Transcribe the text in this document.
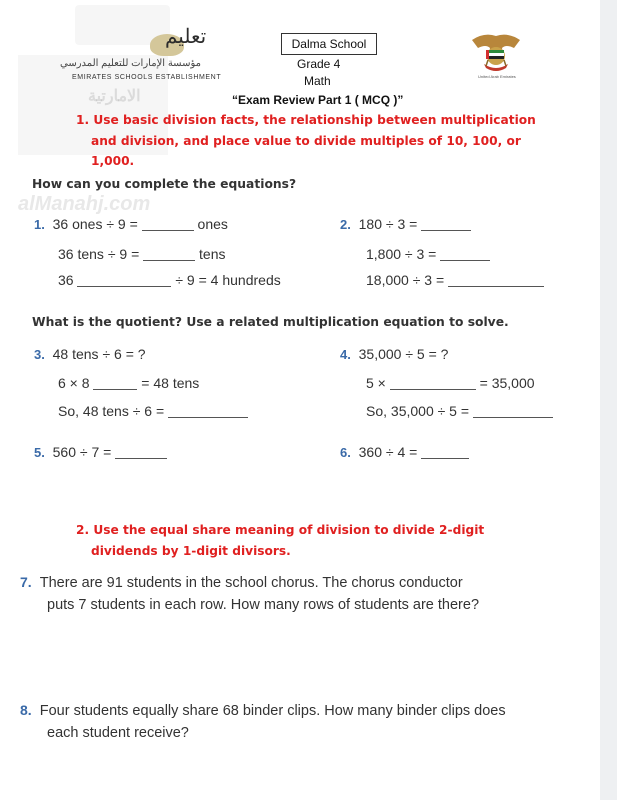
الامارتية
alManahj.com
تعليم
مؤسسة الإمارات للتعليم المدرسي
EMIRATES SCHOOLS ESTABLISHMENT
Dalma School
Grade 4
Math
“Exam Review Part 1 ( MCQ )”
United Arab Emirates
1. Use basic division facts, the relationship between multiplication
and division, and place value to divide multiples of 10, 100, or
1,000.
How can you complete the equations?
1. 36 ones ÷ 9 =	ones
36 tens ÷ 9 =	tens
36	÷ 9 = 4 hundreds
2. 180 ÷ 3 =
1,800 ÷ 3 =
18,000 ÷ 3 =
What is the quotient? Use a related multiplication equation to solve.
3. 48 tens ÷ 6 = ?
6 × 8	= 48 tens
So, 48 tens ÷ 6 =
4. 35,000 ÷ 5 = ?
5 ×	= 35,000
So, 35,000 ÷ 5 =
5. 560 ÷ 7 =	6. 360 ÷ 4 =
2. Use the equal share meaning of division to divide 2-digit
dividends by 1-digit divisors.
7. There are 91 students in the school chorus. The chorus conductor
puts 7 students in each row. How many rows of students are there?
8. Four students equally share 68 binder clips. How many binder clips does
each student receive?
